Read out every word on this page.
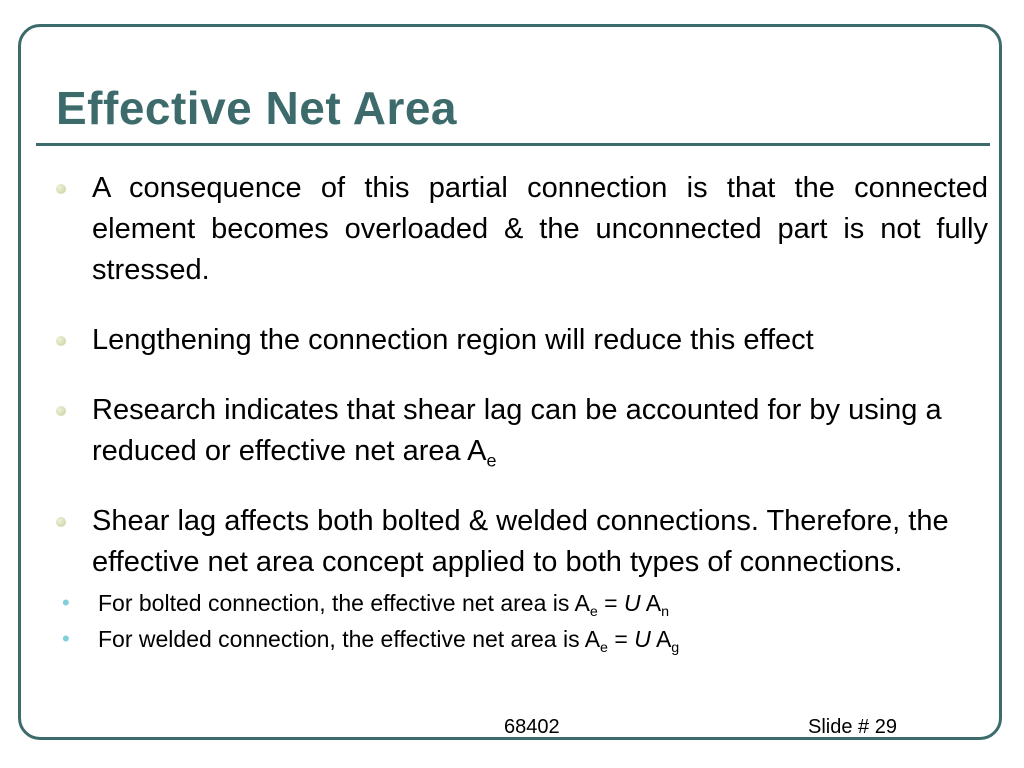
Effective Net Area
A consequence of this partial connection is that the connected element becomes overloaded & the unconnected part is not fully stressed.
Lengthening the connection region will reduce this effect
Research indicates that shear lag can be accounted for by using a reduced or effective net area $A_e$
Shear lag affects both bolted & welded connections. Therefore, the effective net area concept applied to both types of connections.
• For bolted connection, the effective net area is $A_e = U$ $A_n$
• For welded connection, the effective net area is $A_e = U$ $A_g$
68402	Slide # 29
